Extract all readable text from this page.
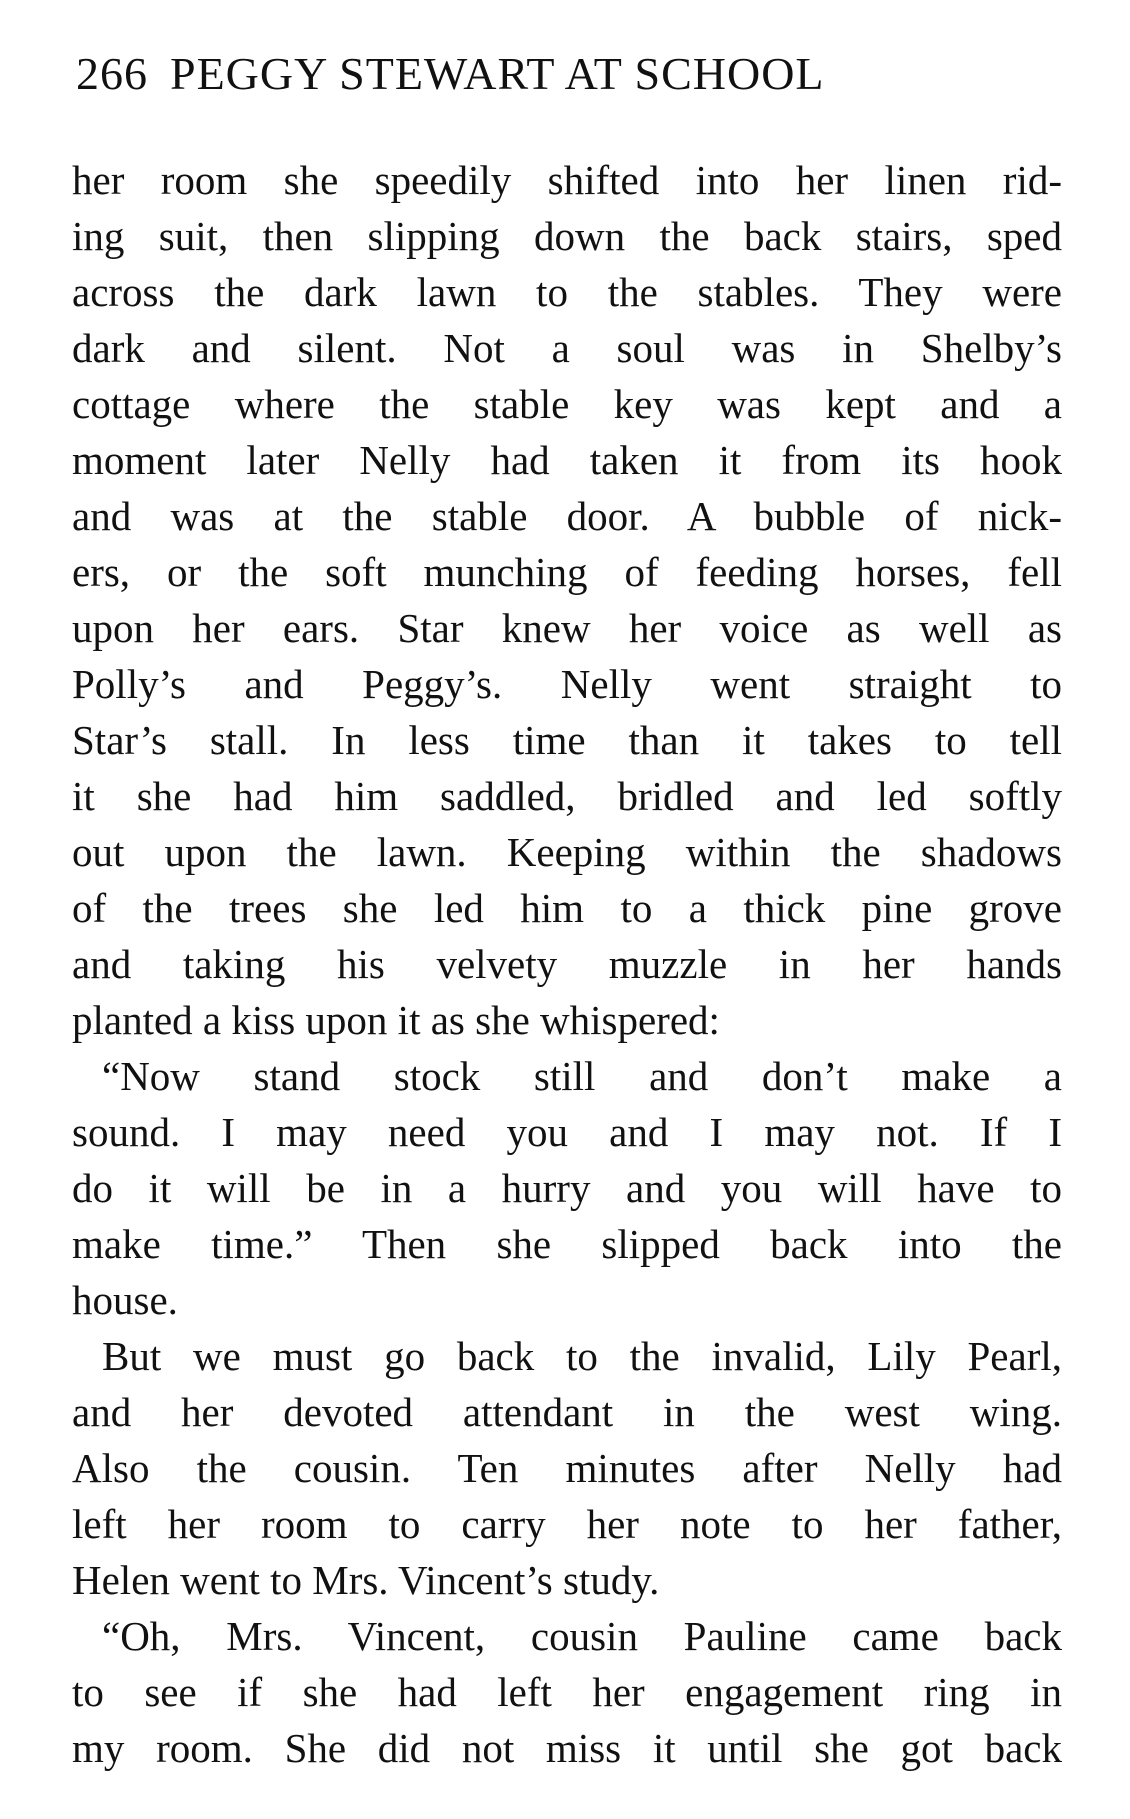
266 PEGGY STEWART AT SCHOOL
her room she speedily shifted into her linen rid-
ing suit, then slipping down the back stairs, sped
across the dark lawn to the stables. They were
dark and silent. Not a soul was in Shelby’s
cottage where the stable key was kept and a
moment later Nelly had taken it from its hook
and was at the stable door. A bubble of nick-
ers, or the soft munching of feeding horses, fell
upon her ears. Star knew her voice as well as
Polly’s and Peggy’s. Nelly went straight to
Star’s stall. In less time than it takes to tell
it she had him saddled, bridled and led softly
out upon the lawn. Keeping within the shadows
of the trees she led him to a thick pine grove
and taking his velvety muzzle in her hands
planted a kiss upon it as she whispered:
“Now stand stock still and don’t make a
sound. I may need you and I may not. If I
do it will be in a hurry and you will have to
make time.” Then she slipped back into the
house.
But we must go back to the invalid, Lily Pearl,
and her devoted attendant in the west wing.
Also the cousin. Ten minutes after Nelly had
left her room to carry her note to her father,
Helen went to Mrs. Vincent’s study.
“Oh, Mrs. Vincent, cousin Pauline came back
to see if she had left her engagement ring in
my room. She did not miss it until she got back
